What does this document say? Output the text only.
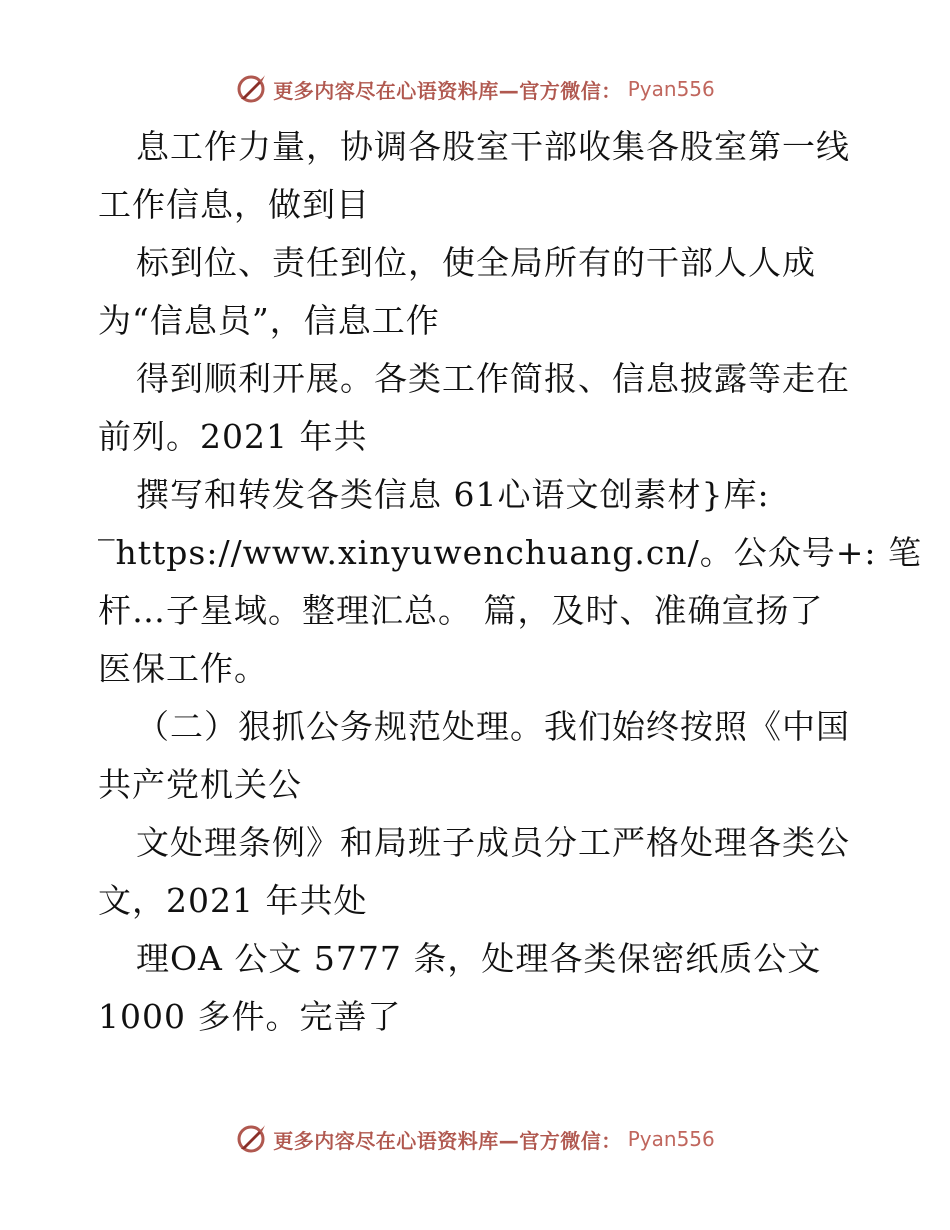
更多内容尽在心语资料库—官方微信： Pyan556
息工作力量，协调各股室干部收集各股室第一线
工作信息，做到目
标到位、责任到位，使全局所有的干部人人成
为“信息员”，信息工作
得到顺利开展。各类工作简报、信息披露等走在
前列。2021 年共
撰写和转发各类信息 61心语文创素材}库:
‾https://www.xinyuwenchuang.cn/。公众号+: 笔
杆…子星域。整理汇总。 篇，及时、准确宣扬了
医保工作。
（二）狠抓公务规范处理。我们始终按照《中国
共产党机关公
文处理条例》和局班子成员分工严格处理各类公
文，2021 年共处
理OA 公文 5777 条，处理各类保密纸质公文
1000 多件。完善了
更多内容尽在心语资料库—官方微信： Pyan556
